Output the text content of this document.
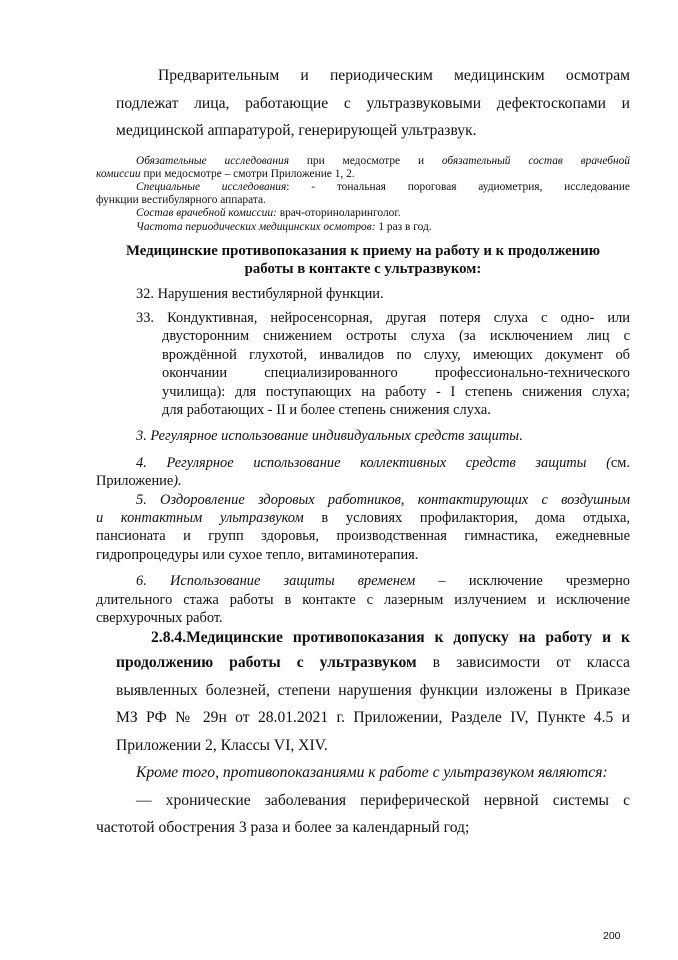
Предварительным и периодическим медицинским осмотрам

подлежат лица, работающие с ультразвуковыми дефектоскопами и

медицинской аппаратурой, генерирующей ультразвук.

Обязательные исследования при медосмотре и обязательный состав врачебной

комиссии при медосмотре – смотри Приложение 1, 2.

Специальные исследования: - тональная пороговая аудиометрия, исследование

функции вестибулярного аппарата.

Состав врачебной комиссии: врач-оториноларинголог.

Частота периодических медицинских осмотров: 1 раз в год.

Медицинские противопоказания к приему на работу и к продолжению

работы в контакте с ультразвуком:

32. Нарушения вестибулярной функции.

33. Кондуктивная, нейросенсорная, другая потеря слуха с одно- или

двусторонним снижением остроты слуха (за исключением лиц с

врождённой глухотой, инвалидов по слуху, имеющих документ об

окончании специализированного профессионально-технического

училища): для поступающих на работу - I степень снижения слуха;

для работающих - II и более степень снижения слуха.

3. Регулярное использование индивидуальных средств защиты.

4. Регулярное использование коллективных средств защиты (см.

Приложение).

5. Оздоровление здоровых работников, контактирующих с воздушным

и контактным ультразвуком в условиях профилактория, дома отдыха,

пансионата и групп здоровья, производственная гимнастика, ежедневные

гидропроцедуры или сухое тепло, витаминотерапия.

6. Использование защиты временем – исключение чрезмерно

длительного стажа работы в контакте с лазерным излучением и исключение

сверхурочных работ.

2.8.4.Медицинские противопоказания к допуску на работу и к

продолжению работы с ультразвуком в зависимости от класса

выявленных болезней, степени нарушения функции изложены в Приказе

МЗ РФ № 29н от 28.01.2021 г. Приложении, Разделе IV, Пункте 4.5 и

Приложении 2, Классы VI, XIV.

Кроме того, противопоказаниями к работе с ультразвуком являются:

— хронические заболевания периферической нервной системы с

частотой обострения 3 раза и более за календарный год;

200
